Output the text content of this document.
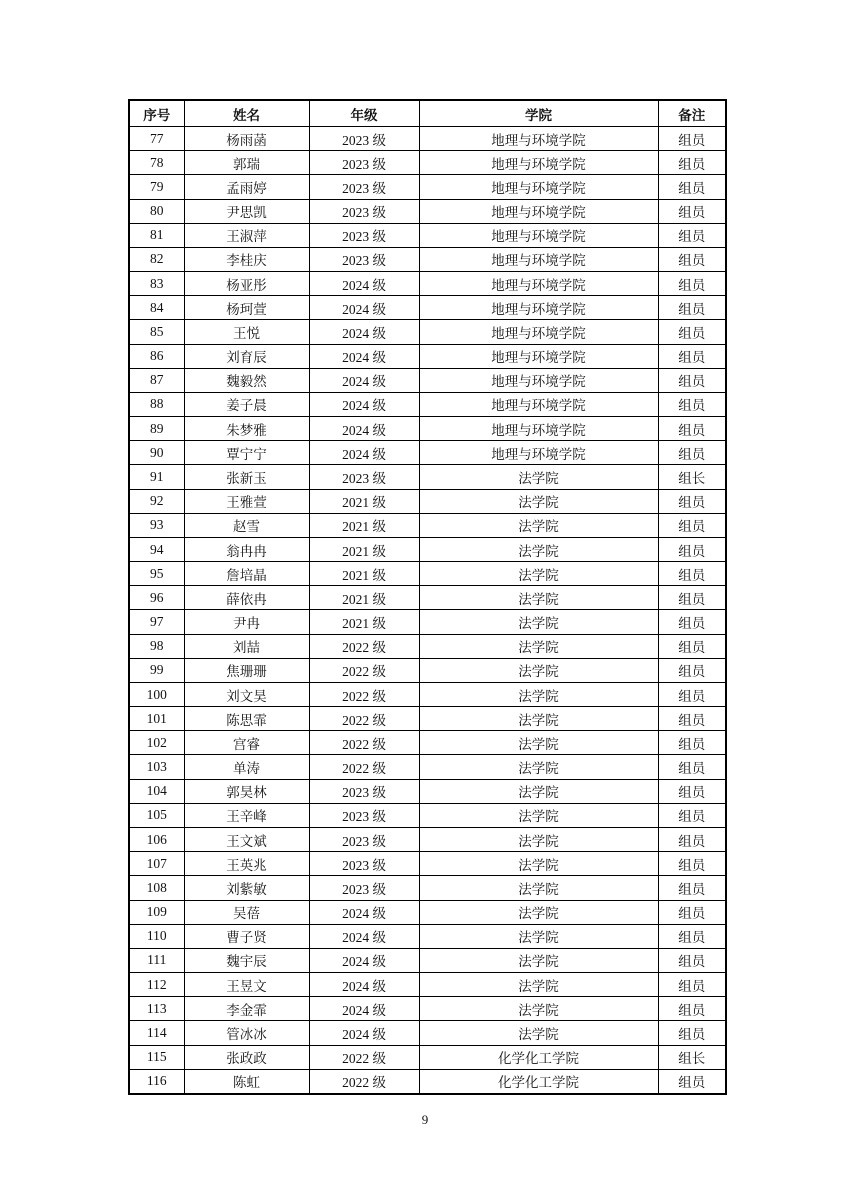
序号	姓名	年级	学院	备注
77	杨雨菡	2023 级	地理与环境学院	组员
78	郭瑞	2023 级	地理与环境学院	组员
79	孟雨婷	2023 级	地理与环境学院	组员
80	尹思凯	2023 级	地理与环境学院	组员
81	王淑萍	2023 级	地理与环境学院	组员
82	李桂庆	2023 级	地理与环境学院	组员
83	杨亚彤	2024 级	地理与环境学院	组员
84	杨珂萱	2024 级	地理与环境学院	组员
85	王悦	2024 级	地理与环境学院	组员
86	刘育辰	2024 级	地理与环境学院	组员
87	魏毅然	2024 级	地理与环境学院	组员
88	姜子晨	2024 级	地理与环境学院	组员
89	朱梦雅	2024 级	地理与环境学院	组员
90	覃宁宁	2024 级	地理与环境学院	组员
91	张新玉	2023 级	法学院	组长
92	王雅萱	2021 级	法学院	组员
93	赵雪	2021 级	法学院	组员
94	翁冉冉	2021 级	法学院	组员
95	詹培晶	2021 级	法学院	组员
96	薛依冉	2021 级	法学院	组员
97	尹冉	2021 级	法学院	组员
98	刘喆	2022 级	法学院	组员
99	焦珊珊	2022 级	法学院	组员
100	刘文昊	2022 级	法学院	组员
101	陈思霏	2022 级	法学院	组员
102	宫睿	2022 级	法学院	组员
103	单涛	2022 级	法学院	组员
104	郭昊林	2023 级	法学院	组员
105	王辛峰	2023 级	法学院	组员
106	王文斌	2023 级	法学院	组员
107	王英兆	2023 级	法学院	组员
108	刘紫敏	2023 级	法学院	组员
109	吴蓓	2024 级	法学院	组员
110	曹子贤	2024 级	法学院	组员
111	魏宇辰	2024 级	法学院	组员
112	王昱文	2024 级	法学院	组员
113	李金霏	2024 级	法学院	组员
114	管冰冰	2024 级	法学院	组员
115	张政政	2022 级	化学化工学院	组长
116	陈虹	2022 级	化学化工学院	组员
9
